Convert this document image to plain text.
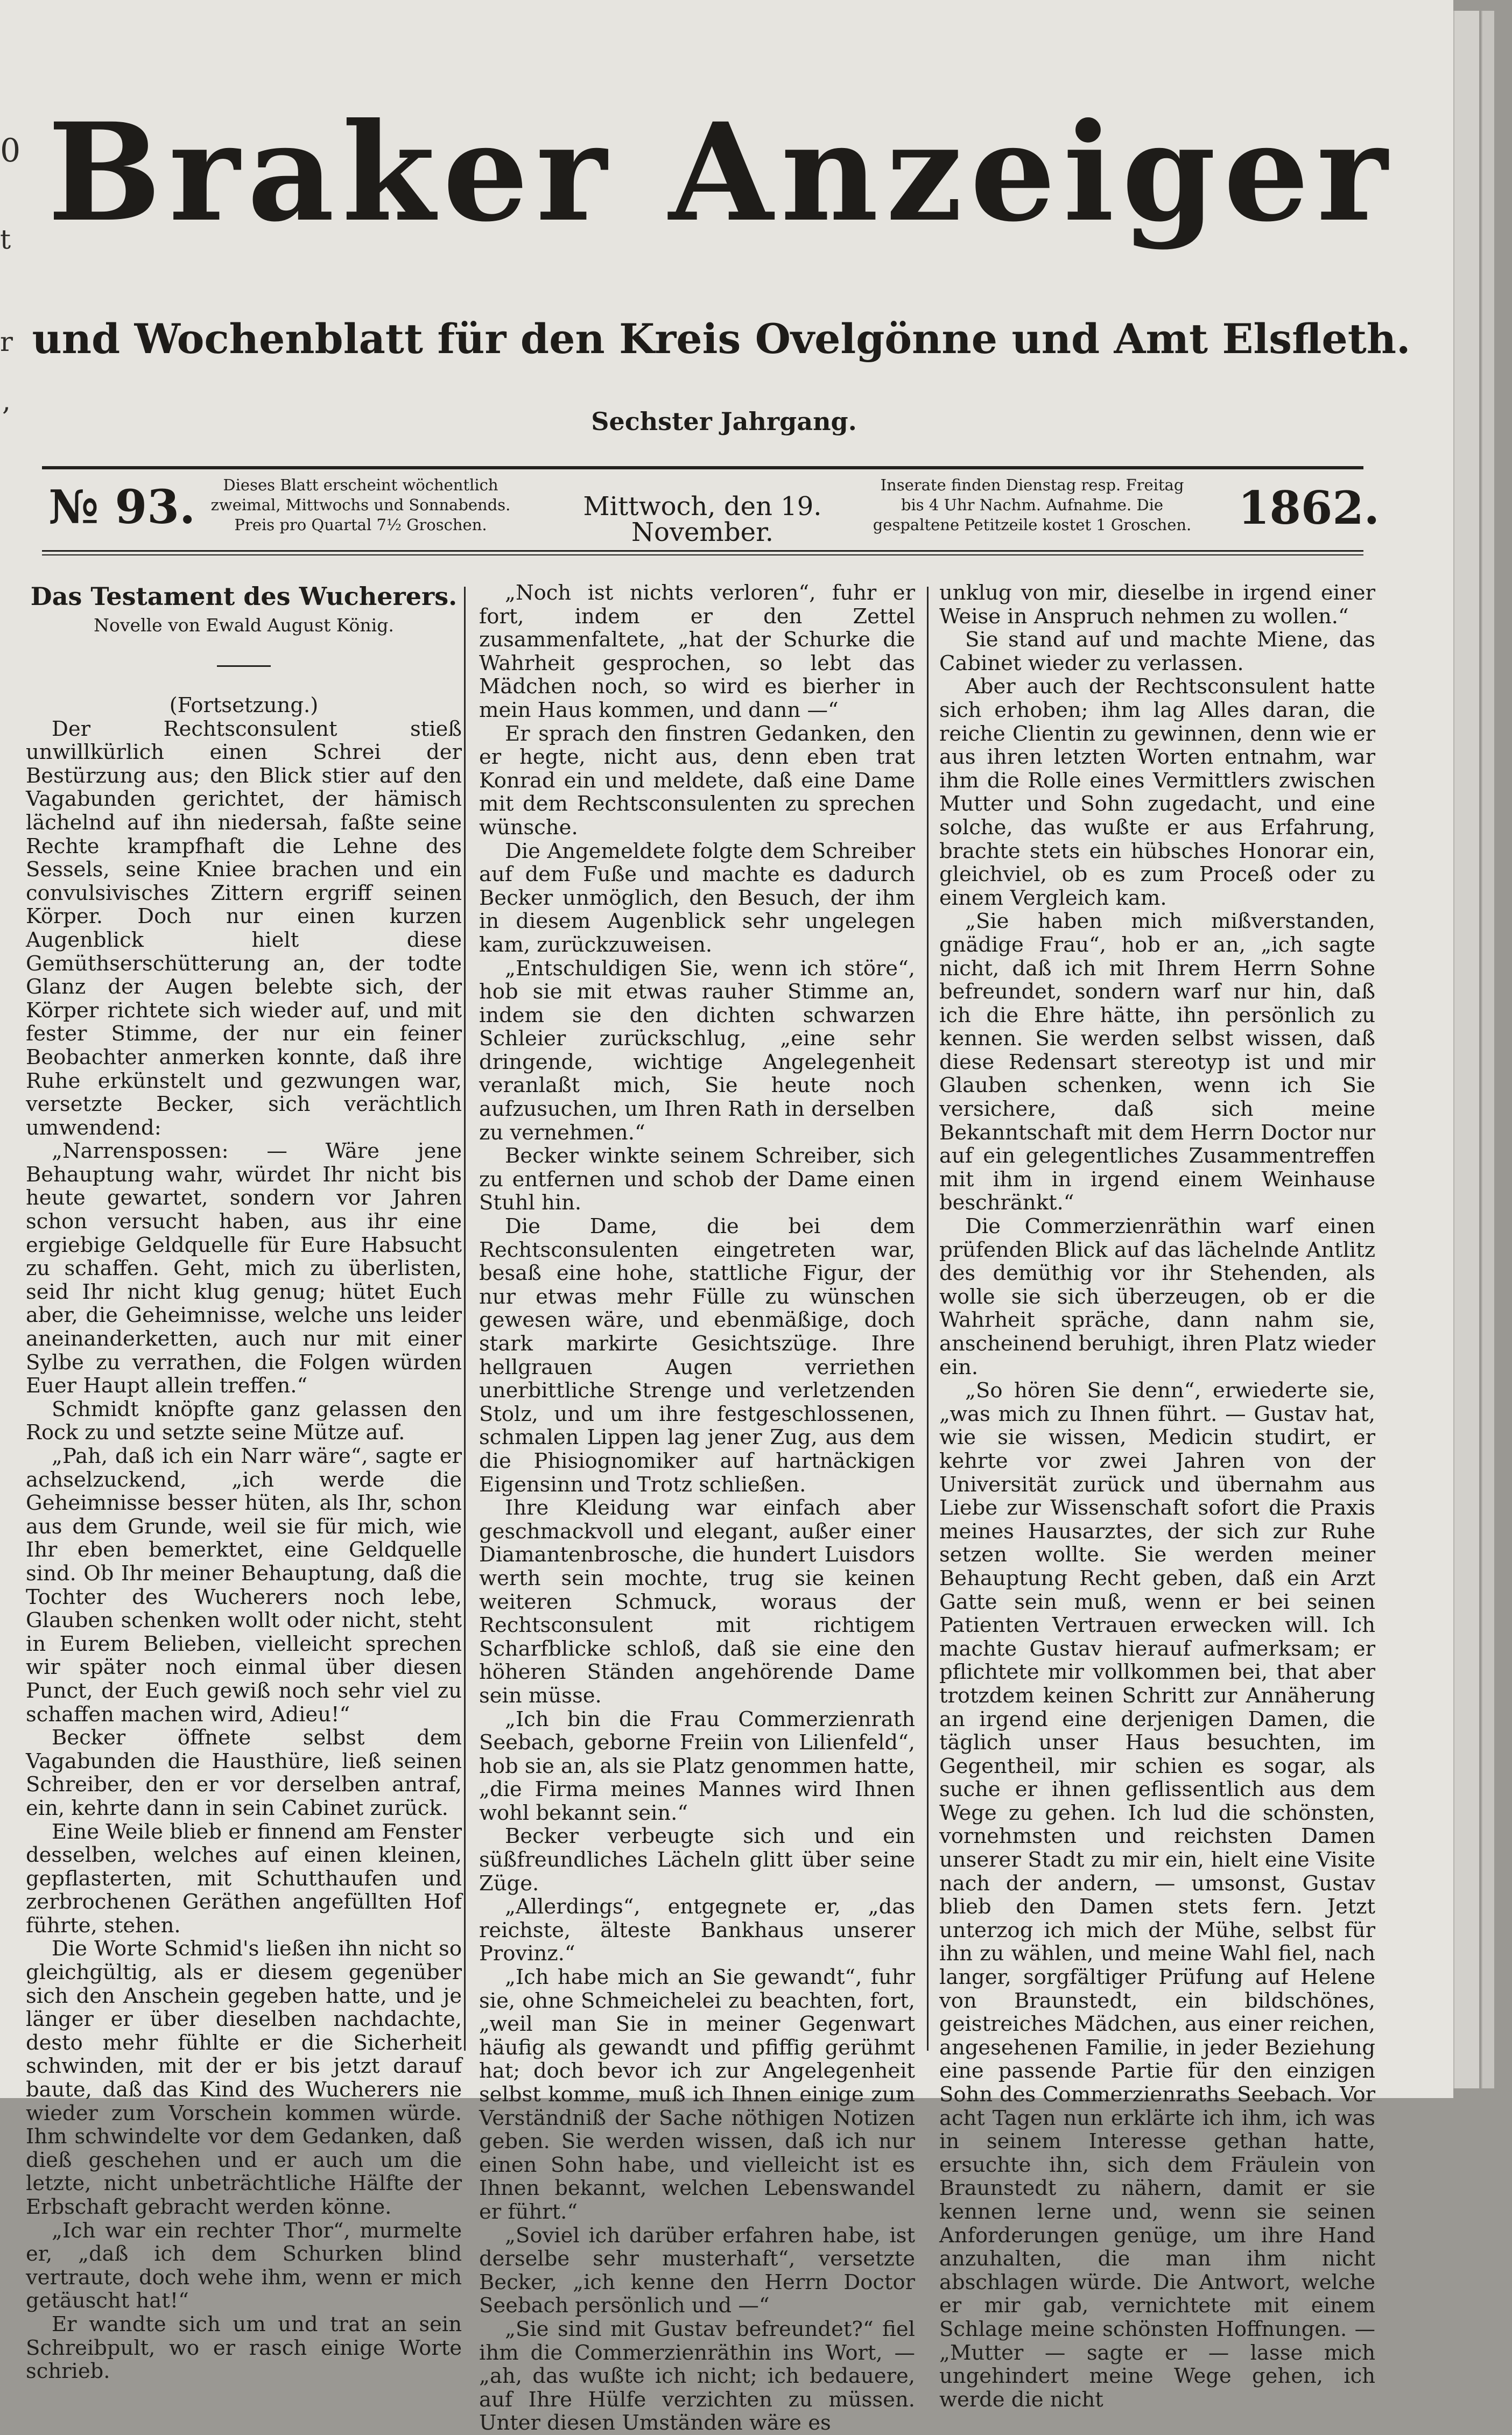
0
t
r
,
Braker Anzeiger
und Wochenblatt für den Kreis Ovelgönne und Amt Elsfleth.
Sechster Jahrgang.
№ 93.	Dieses Blatt erscheint wöchentlich zweimal, Mittwochs und Sonnabends. Preis pro Quartal 7½ Groschen.
Mittwoch, den 19. November.
Inserate finden Dienstag resp. Freitag bis 4 Uhr Nachm. Aufnahme. Die gespaltene Petitzeile kostet 1 Groschen. 1862.
Das Testament des Wucherers.
Novelle von Ewald August König.

(Fortsetzung.)

Der Rechtsconsulent stieß unwillkürlich einen Schrei der Bestürzung aus; den Blick stier auf den Vagabunden gerichtet, der hämisch lächelnd auf ihn niedersah, faßte seine Rechte krampfhaft die Lehne des Sessels, seine Kniee brachen und ein convulsivisches Zittern ergriff seinen Körper. Doch nur einen kurzen Augenblick hielt diese Gemüthserschütterung an, der todte Glanz der Augen belebte sich, der Körper richtete sich wieder auf, und mit fester Stimme, der nur ein feiner Beobachter anmerken konnte, daß ihre Ruhe erkünstelt und gezwungen war, versetzte Becker, sich verächtlich umwendend:

„Narrenspossen: — Wäre jene Behauptung wahr, würdet Ihr nicht bis heute gewartet, sondern vor Jahren schon versucht haben, aus ihr eine ergiebige Geldquelle für Eure Habsucht zu schaffen. Geht, mich zu überlisten, seid Ihr nicht klug genug; hütet Euch aber, die Geheimnisse, welche uns leider aneinanderketten, auch nur mit einer Sylbe zu verrathen, die Folgen würden Euer Haupt allein treffen.“

Schmidt knöpfte ganz gelassen den Rock zu und setzte seine Mütze auf.

„Pah, daß ich ein Narr wäre“, sagte er achselzuckend, „ich werde die Geheimnisse besser hüten, als Ihr, schon aus dem Grunde, weil sie für mich, wie Ihr eben bemerktet, eine Geldquelle sind. Ob Ihr meiner Behauptung, daß die Tochter des Wucherers noch lebe, Glauben schenken wollt oder nicht, steht in Eurem Belieben, vielleicht sprechen wir später noch einmal über diesen Punct, der Euch gewiß noch sehr viel zu schaffen machen wird, Adieu!“

Becker öffnete selbst dem Vagabunden die Hausthüre, ließ seinen Schreiber, den er vor derselben antraf, ein, kehrte dann in sein Cabinet zurück.

Eine Weile blieb er finnend am Fenster desselben, welches auf einen kleinen, gepflasterten, mit Schutthaufen und zerbrochenen Geräthen angefüllten Hof führte, stehen.

Die Worte Schmid's ließen ihn nicht so gleichgültig, als er diesem gegenüber sich den Anschein gegeben hatte, und je länger er über dieselben nachdachte, desto mehr fühlte er die Sicherheit schwinden, mit der er bis jetzt darauf baute, daß das Kind des Wucherers nie wieder zum Vorschein kommen würde. Ihm schwindelte vor dem Gedanken, daß dieß geschehen und er auch um die letzte, nicht unbeträchtliche Hälfte der Erbschaft gebracht werden könne.

„Ich war ein rechter Thor“, murmelte er, „daß ich dem Schurken blind vertraute, doch wehe ihm, wenn er mich getäuscht hat!“

Er wandte sich um und trat an sein Schreibpult, wo er rasch einige Worte schrieb.

„Noch ist nichts verloren“, fuhr er fort, indem er den Zettel zusammenfaltete, „hat der Schurke die Wahrheit gesprochen, so lebt das Mädchen noch, so wird es bierher in mein Haus kommen, und dann —“

Er sprach den finstren Gedanken, den er hegte, nicht aus, denn eben trat Konrad ein und meldete, daß eine Dame mit dem Rechtsconsulenten zu sprechen wünsche.

Die Angemeldete folgte dem Schreiber auf dem Fuße und machte es dadurch Becker unmöglich, den Besuch, der ihm in diesem Augenblick sehr ungelegen kam, zurückzuweisen.

„Entschuldigen Sie, wenn ich störe“, hob sie mit etwas rauher Stimme an, indem sie den dichten schwarzen Schleier zurückschlug, „eine sehr dringende, wichtige Angelegenheit veranlaßt mich, Sie heute noch aufzusuchen, um Ihren Rath in derselben zu vernehmen.“

Becker winkte seinem Schreiber, sich zu entfernen und schob der Dame einen Stuhl hin.

Die Dame, die bei dem Rechtsconsulenten eingetreten war, besaß eine hohe, stattliche Figur, der nur etwas mehr Fülle zu wünschen gewesen wäre, und ebenmäßige, doch stark markirte Gesichtszüge. Ihre hellgrauen Augen verriethen unerbittliche Strenge und verletzenden Stolz, und um ihre festgeschlossenen, schmalen Lippen lag jener Zug, aus dem die Phisiognomiker auf hartnäckigen Eigensinn und Trotz schließen.

Ihre Kleidung war einfach aber geschmackvoll und elegant, außer einer Diamantenbrosche, die hundert Luisdors werth sein mochte, trug sie keinen weiteren Schmuck, woraus der Rechtsconsulent mit richtigem Scharfblicke schloß, daß sie eine den höheren Ständen angehörende Dame sein müsse.

„Ich bin die Frau Commerzienrath Seebach, geborne Freiin von Lilienfeld“, hob sie an, als sie Platz genommen hatte, „die Firma meines Mannes wird Ihnen wohl bekannt sein.“

Becker verbeugte sich und ein süßfreundliches Lächeln glitt über seine Züge.

„Allerdings“, entgegnete er, „das reichste, älteste Bankhaus unserer Provinz.“

„Ich habe mich an Sie gewandt“, fuhr sie, ohne Schmeichelei zu beachten, fort, „weil man Sie in meiner Gegenwart häufig als gewandt und pfiffig gerühmt hat; doch bevor ich zur Angelegenheit selbst komme, muß ich Ihnen einige zum Verständniß der Sache nöthigen Notizen geben. Sie werden wissen, daß ich nur einen Sohn habe, und vielleicht ist es Ihnen bekannt, welchen Lebenswandel er führt.“

„Soviel ich darüber erfahren habe, ist derselbe sehr musterhaft“, versetzte Becker, „ich kenne den Herrn Doctor Seebach persönlich und —“

„Sie sind mit Gustav befreundet?“ fiel ihm die Commerzienräthin ins Wort, — „ah, das wußte ich nicht; ich bedauere, auf Ihre Hülfe verzichten zu müssen. Unter diesen Umständen wäre es

unklug von mir, dieselbe in irgend einer Weise in Anspruch nehmen zu wollen.“

Sie stand auf und machte Miene, das Cabinet wieder zu verlassen.

Aber auch der Rechtsconsulent hatte sich erhoben; ihm lag Alles daran, die reiche Clientin zu gewinnen, denn wie er aus ihren letzten Worten entnahm, war ihm die Rolle eines Vermittlers zwischen Mutter und Sohn zugedacht, und eine solche, das wußte er aus Erfahrung, brachte stets ein hübsches Honorar ein, gleichviel, ob es zum Proceß oder zu einem Vergleich kam.

„Sie haben mich mißverstanden, gnädige Frau“, hob er an, „ich sagte nicht, daß ich mit Ihrem Herrn Sohne befreundet, sondern warf nur hin, daß ich die Ehre hätte, ihn persönlich zu kennen. Sie werden selbst wissen, daß diese Redensart stereotyp ist und mir Glauben schenken, wenn ich Sie versichere, daß sich meine Bekanntschaft mit dem Herrn Doctor nur auf ein gelegentliches Zusammentreffen mit ihm in irgend einem Weinhause beschränkt.“

Die Commerzienräthin warf einen prüfenden Blick auf das lächelnde Antlitz des demüthig vor ihr Stehenden, als wolle sie sich überzeugen, ob er die Wahrheit spräche, dann nahm sie, anscheinend beruhigt, ihren Platz wieder ein.

„So hören Sie denn“, erwiederte sie, „was mich zu Ihnen führt. — Gustav hat, wie sie wissen, Medicin studirt, er kehrte vor zwei Jahren von der Universität zurück und übernahm aus Liebe zur Wissenschaft sofort die Praxis meines Hausarztes, der sich zur Ruhe setzen wollte. Sie werden meiner Behauptung Recht geben, daß ein Arzt Gatte sein muß, wenn er bei seinen Patienten Vertrauen erwecken will. Ich machte Gustav hierauf aufmerksam; er pflichtete mir vollkommen bei, that aber trotzdem keinen Schritt zur Annäherung an irgend eine derjenigen Damen, die täglich unser Haus besuchten, im Gegentheil, mir schien es sogar, als suche er ihnen geflissentlich aus dem Wege zu gehen. Ich lud die schönsten, vornehmsten und reichsten Damen unserer Stadt zu mir ein, hielt eine Visite nach der andern, — umsonst, Gustav blieb den Damen stets fern. Jetzt unterzog ich mich der Mühe, selbst für ihn zu wählen, und meine Wahl fiel, nach langer, sorgfältiger Prüfung auf Helene von Braunstedt, ein bildschönes, geistreiches Mädchen, aus einer reichen, angesehenen Familie, in jeder Beziehung eine passende Partie für den einzigen Sohn des Commerzienraths Seebach. Vor acht Tagen nun erklärte ich ihm, ich was in seinem Interesse gethan hatte, ersuchte ihn, sich dem Fräulein von Braunstedt zu nähern, damit er sie kennen lerne und, wenn sie seinen Anforderungen genüge, um ihre Hand anzuhalten, die man ihm nicht abschlagen würde. Die Antwort, welche er mir gab, vernichtete mit einem Schlage meine schönsten Hoffnungen. — „Mutter — sagte er — lasse mich ungehindert meine Wege gehen, ich werde die nicht
